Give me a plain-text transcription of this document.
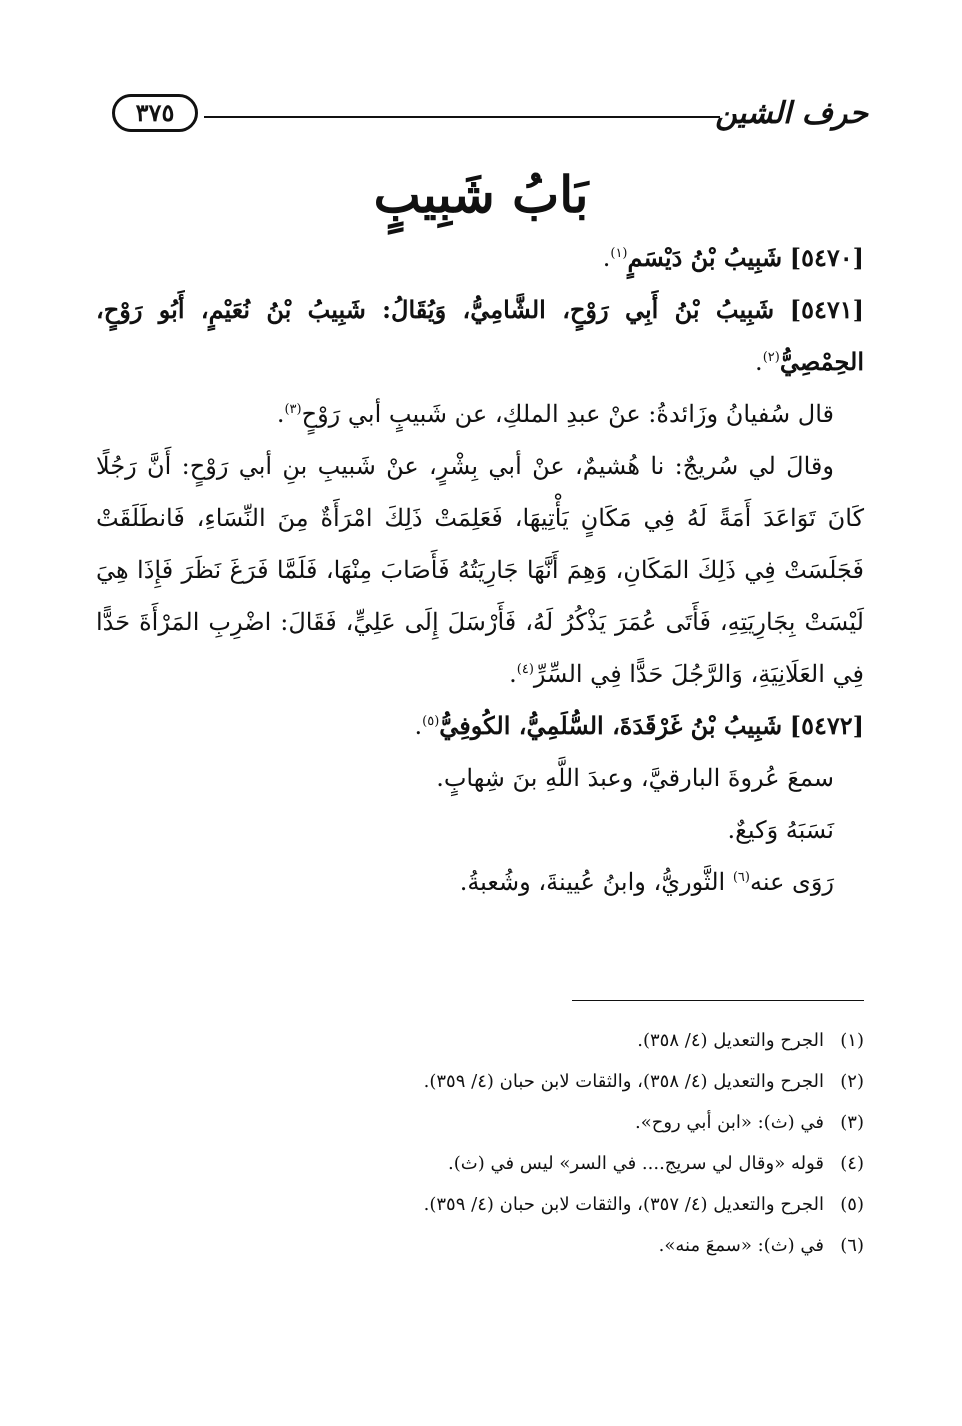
حرف الشين
٣٧٥
بَابُ شَبِيبٍ

[٥٤٧٠] شَبِيبُ بْنُ دَيْسَمٍ$^{(١)}$.

[٥٤٧١] شَبِيبُ بْنُ أَبِي رَوْحٍ، الشَّامِيُّ، وَيُقَالُ: شَبِيبُ بْنُ نُعَيْمٍ، أَبُو رَوْحٍ، الحِمْصِيُّ$^{(٢)}$.

قال سُفيانُ وزَائدةُ: عنْ عبدِ الملكِ، عن شَبيبٍ أبي رَوْحٍ$^{(٣)}$.

وقالَ لي سُريجٌ: نا هُشيمٌ، عنْ أبي بِشْرٍ، عنْ شَبيبِ بنِ أبي رَوْحٍ: أَنَّ رَجُلًا كَانَ تَوَاعَدَ أَمَةً لَهُ فِي مَكَانٍ يَأْتِيهَا، فَعَلِمَتْ ذَلِكَ امْرَأَةٌ مِنَ النِّسَاءِ، فَانطَلَقَتْ فَجَلَسَتْ فِي ذَلِكَ المَكَانِ، وَهِمَ أَنَّهَا جَارِيَتُهُ فَأَصَابَ مِنْهَا، فَلَمَّا فَرَغَ نَظَرَ فَإِذَا هِيَ لَيْسَتْ بِجَارِيَتِهِ، فَأَتَى عُمَرَ يَذْكُرُ لَهُ، فَأَرْسَلَ إِلَى عَلِيٍّ، فَقَالَ: اضْرِبِ المَرْأَةَ حَدًّا فِي العَلَانِيَةِ، وَالرَّجُلَ حَدًّا فِي السِّرِّ$^{(٤)}$.

[٥٤٧٢] شَبِيبُ بْنُ غَرْقَدَةَ، السُّلَمِيُّ، الكُوفِيُّ$^{(٥)}$.

سمعَ عُروةَ البارقيَّ، وعبدَ اللَّهِ بنَ شِهابٍ.

نَسَبَهُ وَكيعٌ.

رَوَى عنه$^{(٦)}$ الثَّوريُّ، وابنُ عُيينةَ، وشُعبةُ.

(١)الجرح والتعديل (٤/ ٣٥٨).
(٢)الجرح والتعديل (٤/ ٣٥٨)، والثقات لابن حبان (٤/ ٣٥٩).
(٣)في (ث): «ابن أبي روح».
(٤)قوله «وقال لي سريج.... في السر» ليس في (ث).
(٥)الجرح والتعديل (٤/ ٣٥٧)، والثقات لابن حبان (٤/ ٣٥٩).
(٦)في (ث): «سمعَ منه».
